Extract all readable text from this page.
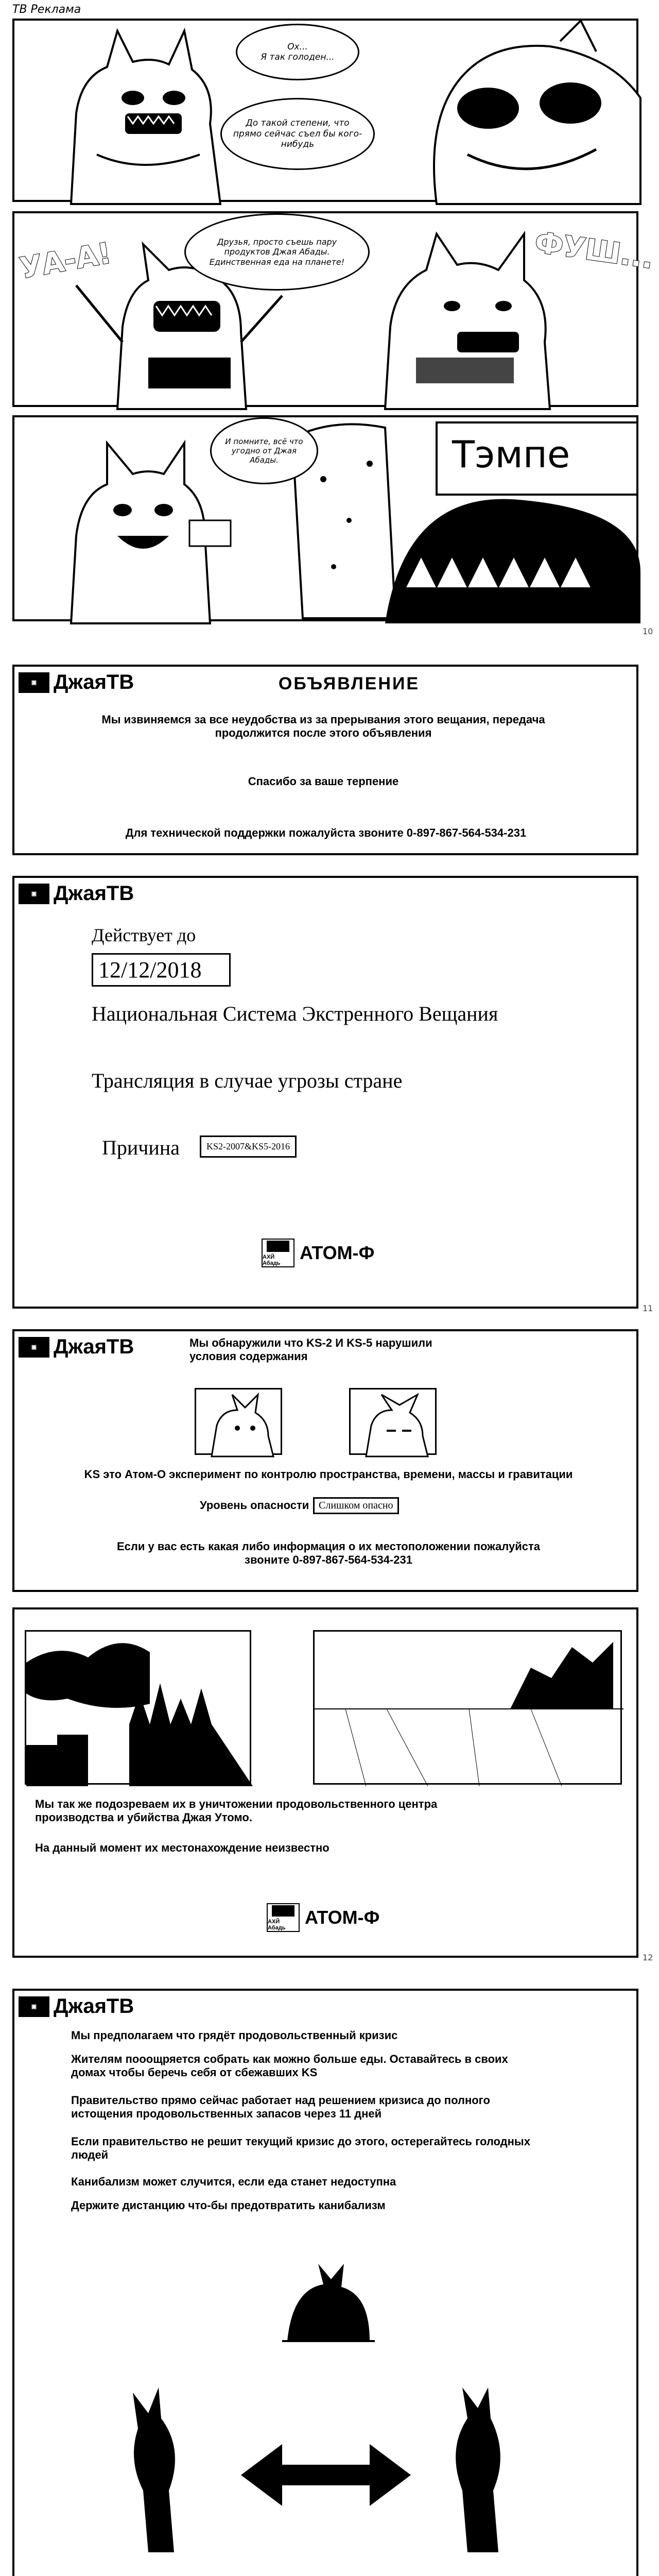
ТВ Реклама
Ох...
Я так голоден...
До такой степени, что прямо сейчас съел бы кого-нибудь
УА-А!	Друзья, просто съешь пару продуктов Джая Абады. Единственная еда на планете!	ФУШ...
И помните, всё что угодно от Джая Абады.	Тэмпе
10
▣ ДжаяТВ	ОБЪЯВЛЕНИЕ
Мы извиняемся за все неудобства из за прерывания этого вещания, передача продолжится после этого объявления
Спасибо за ваше терпение
Для технической поддержки пожалуйста звоните 0-897-867-564-534-231
▣ ДжаяТВ
Действует до
12/12/2018
Национальная Система Экстренного Вещания
Трансляция в случае угрозы стране
Причина	KS2-2007&KS5-2016
АХЙ Абадь	ATOM-Ф
11
▣ ДжаяТВ	Мы обнаружили что KS-2 И KS-5 нарушили условия содержания
KS это Атом-О эксперимент по контролю пространства, времени, массы и гравитации
Уровень опасности Слишком опасно
Если у вас есть какая либо информация о их местоположении пожалуйста звоните 0-897-867-564-534-231
Мы так же подозреваем их в уничтожении продовольственного центра производства и убийства Джая Утомо.
На данный момент их местонахождение неизвестно
АХЙ Абадь	ATOM-Ф
12
▣ ДжаяТВ
Мы предполагаем что грядёт продовольственный кризис
Жителям пооощряется собрать как можно больше еды. Оставайтесь в своих домах чтобы беречь себя от сбежавших KS
Правительство прямо сейчас работает над решением кризиса до полного истощения продовольственных запасов через 11 дней
Если правительство не решит текущий кризис до этого, остерегайтесь голодных людей
Канибализм может случится, если еда станет недоступна
Держите дистанцию что-бы предотвратить канибализм
